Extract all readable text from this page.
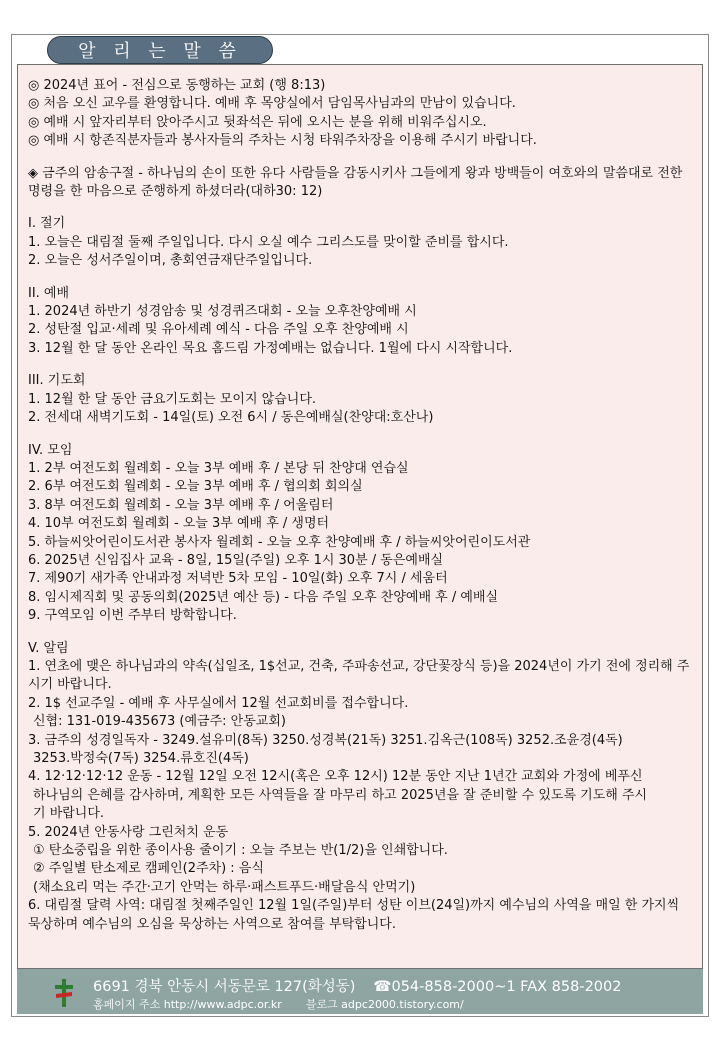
알 리 는 말 씀
◎ 2024년 표어 - 전심으로 동행하는 교회 (행 8:13)
◎ 처음 오신 교우를 환영합니다. 예배 후 목양실에서 담임목사님과의 만남이 있습니다.
◎ 예배 시 앞자리부터 앉아주시고 뒷좌석은 뒤에 오시는 분을 위해 비워주십시오.
◎ 예배 시 항존직분자들과 봉사자들의 주차는 시청 타워주차장을 이용해 주시기 바랍니다.
◈ 금주의 암송구절 - 하나님의 손이 또한 유다 사람들을 감동시키사 그들에게 왕과 방백들이 여호와의 말씀대로 전한 명령을 한 마음으로 준행하게 하셨더라(대하30: 12)
I. 절기
1. 오늘은 대림절 둘째 주일입니다. 다시 오실 예수 그리스도를 맞이할 준비를 합시다.
2. 오늘은 성서주일이며, 총회연금재단주일입니다.
II. 예배
1. 2024년 하반기 성경암송 및 성경퀴즈대회 - 오늘 오후찬양예배 시
2. 성탄절 입교·세례 및 유아세례 예식 - 다음 주일 오후 찬양예배 시
3. 12월 한 달 동안 온라인 목요 홈드림 가정예배는 없습니다. 1월에 다시 시작합니다.
III. 기도회
1. 12월 한 달 동안 금요기도회는 모이지 않습니다.
2. 전세대 새벽기도회 - 14일(토) 오전 6시 / 동은예배실(찬양대:호산나)
IV. 모임
1. 2부 여전도회 월례회 - 오늘 3부 예배 후 / 본당 뒤 찬양대 연습실
2. 6부 여전도회 월례회 - 오늘 3부 예배 후 / 협의회 회의실
3. 8부 여전도회 월례회 - 오늘 3부 예배 후 / 어울림터
4. 10부 여전도회 월례회 - 오늘 3부 예배 후 / 생명터
5. 하늘씨앗어린이도서관 봉사자 월례회 - 오늘 오후 찬양예배 후 / 하늘씨앗어린이도서관
6. 2025년 신임집사 교육 - 8일, 15일(주일) 오후 1시 30분 / 동은예배실
7. 제90기 새가족 안내과정 저녁반 5차 모임 - 10일(화) 오후 7시 / 세움터
8. 임시제직회 및 공동의회(2025년 예산 등) - 다음 주일 오후 찬양예배 후 / 예배실
9. 구역모임 이번 주부터 방학합니다.
V. 알림
1. 연초에 맺은 하나님과의 약속(십일조, 1$선교, 건축, 주파송선교, 강단꽃장식 등)을 2024년이 가기 전에 정리해 주시기 바랍니다.
2. 1$ 선교주일 - 예배 후 사무실에서 12월 선교회비를 접수합니다.
신협: 131-019-435673 (예금주: 안동교회)
3. 금주의 성경일독자 - 3249.설유미(8독) 3250.성경복(21독) 3251.김옥근(108독) 3252.조윤경(4독)
3253.박정숙(7독) 3254.류호진(4독)
4. 12·12·12·12 운동 - 12월 12일 오전 12시(혹은 오후 12시) 12분 동안 지난 1년간 교회와 가정에 베푸신
하나님의 은혜를 감사하며, 계획한 모든 사역들을 잘 마무리 하고 2025년을 잘 준비할 수 있도록 기도해 주시
기 바랍니다.
5. 2024년 안동사랑 그린처치 운동
① 탄소중립을 위한 종이사용 줄이기 : 오늘 주보는 반(1/2)을 인쇄합니다.
② 주일별 탄소제로 캠페인(2주차) : 음식
(채소요리 먹는 주간·고기 안먹는 하루·패스트푸드·배달음식 안먹기)
6. 대림절 달력 사역: 대림절 첫째주일인 12월 1일(주일)부터 성탄 이브(24일)까지 예수님의 사역을 매일 한 가지씩 묵상하며 예수님의 오심을 묵상하는 사역으로 참여를 부탁합니다.
6691 경북 안동시 서동문로 127(화성동) ☎054-858-2000~1 FAX 858-2002
홈페이지 주소 http://www.adpc.or.kr 블로그 adpc2000.tistory.com/
